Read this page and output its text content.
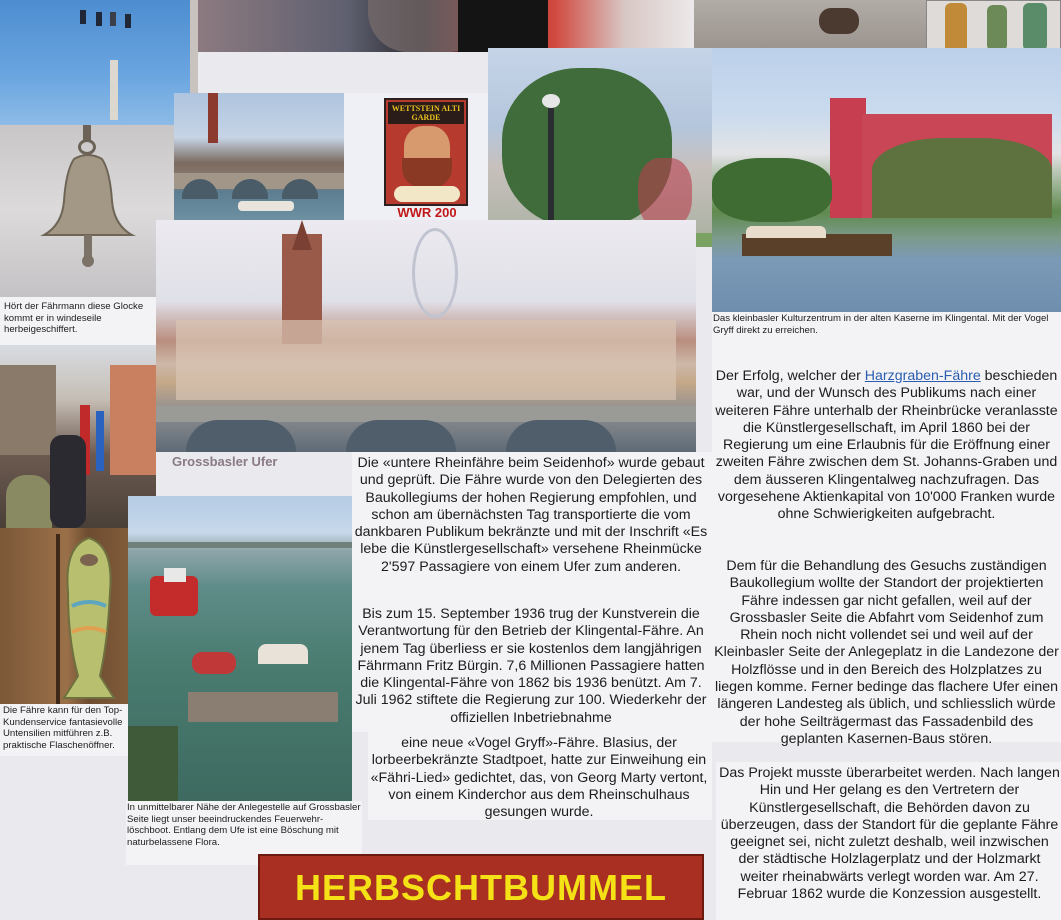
Hört der Fährmann diese Glocke kommt er in windeseile herbeigeschiffert.
WETTSTEIN ALTI GARDE
WWR 200
Das kleinbasler Kulturzentrum in der alten Kaserne im Klingental. Mit der Vogel Gryff direkt zu erreichen.
Grossbasler Ufer
Die Fähre kann für den Top-Kundenservice fantasievolle Untensilien mitführen z.B. praktische Flaschenöffner.
In unmittelbarer Nähe der Anlegestelle auf Grossbasler Seite liegt unser beeindruckendes Feuerwehr-löschboot. Entlang dem Ufe ist eine Böschung mit naturbelassene Flora.
Die «untere Rheinfähre beim Seidenhof» wurde gebaut und geprüft. Die Fähre wurde von den Delegierten des Baukollegiums der hohen Regierung empfohlen, und schon am übernächsten Tag transportierte die vom dankbaren Publikum bekränzte und mit der Inschrift «Es lebe die Künstlergesellschaft» versehene Rheinmücke 2'597 Passagiere von einem Ufer zum anderen.
Bis zum 15. September 1936 trug der Kunstverein die Verantwortung für den Betrieb der Klingental-Fähre. An jenem Tag überliess er sie kostenlos dem langjährigen Fährmann Fritz Bürgin. 7,6 Millionen Passagiere hatten die Klingental-Fähre von 1862 bis 1936 benützt. Am 7. Juli 1962 stiftete die Regierung zur 100. Wiederkehr der offiziellen Inbetriebnahme
eine neue «Vogel Gryff»-Fähre. Blasius, der lorbeerbekränzte Stadtpoet, hatte zur Einweihung ein «Fähri-Lied» gedichtet, das, von Georg Marty vertont, von einem Kinderchor aus dem Rheinschulhaus gesungen wurde.
Der Erfolg, welcher der Harzgraben-Fähre beschieden war, und der Wunsch des Publikums nach einer weiteren Fähre unterhalb der Rheinbrücke veranlasste die Künstlergesellschaft, im April 1860 bei der Regierung um eine Erlaubnis für die Eröffnung einer zweiten Fähre zwischen dem St. Johanns-Graben und dem äusseren Klingentalweg nachzufragen. Das vorgesehene Aktienkapital von 10'000 Franken wurde ohne Schwierigkeiten aufgebracht.
Dem für die Behandlung des Gesuchs zuständigen Baukollegium wollte der Standort der projektierten Fähre indessen gar nicht gefallen, weil auf der Grossbasler Seite die Abfahrt vom Seidenhof zum Rhein noch nicht vollendet sei und weil auf der Kleinbasler Seite der Anlegeplatz in die Landezone der Holzflösse und in den Bereich des Holzplatzes zu liegen komme. Ferner bedinge das flachere Ufer einen längeren Landesteg als üblich, und schliesslich würde der hohe Seilträgermast das Fassadenbild des geplanten Kasernen-Baus stören.
Das Projekt musste überarbeitet werden. Nach langen Hin und Her gelang es den Vertretern der Künstlergesellschaft, die Behörden davon zu überzeugen, dass der Standort für die geplante Fähre geeignet sei, nicht zuletzt deshalb, weil inzwischen der städtische Holzlagerplatz und der Holzmarkt weiter rheinabwärts verlegt worden war. Am 27. Februar 1862 wurde die Konzession ausgestellt.
HERBSCHTBUMMEL
